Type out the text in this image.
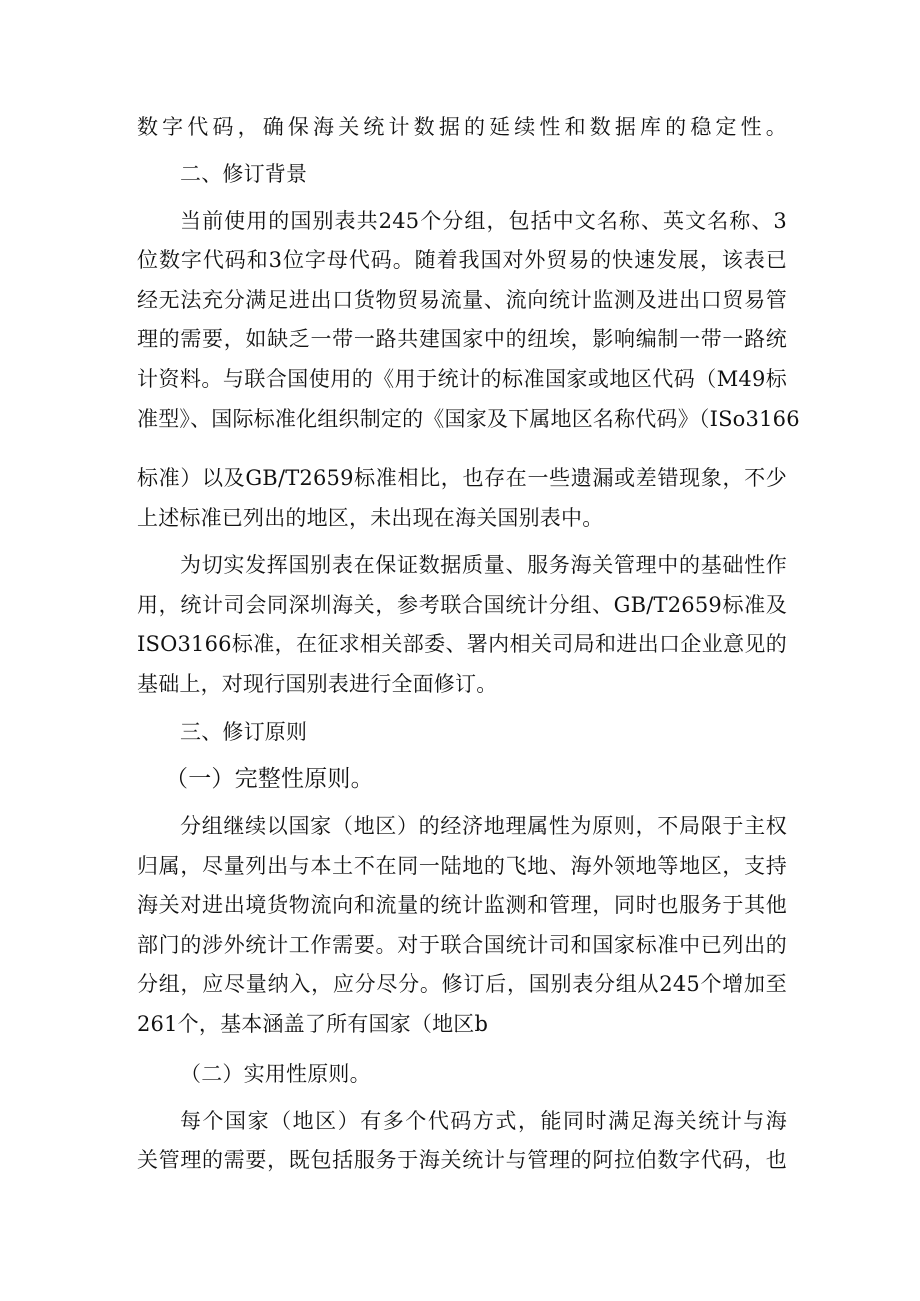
数字代码，确保海关统计数据的延续性和数据库的稳定性。
二、修订背景
当前使用的国别表共245个分组，包括中文名称、英文名称、3
位数字代码和3位字母代码。随着我国对外贸易的快速发展，该表已
经无法充分满足进出口货物贸易流量、流向统计监测及进出口贸易管
理的需要，如缺乏一带一路共建国家中的纽埃，影响编制一带一路统
计资料。与联合国使用的《用于统计的标准国家或地区代码（M49标
准型》、国际标准化组织制定的《国家及下属地区名称代码》（ISo3166
标准）以及GB/T2659标准相比，也存在一些遗漏或差错现象，不少
上述标准已列出的地区，未出现在海关国别表中。
为切实发挥国别表在保证数据质量、服务海关管理中的基础性作
用，统计司会同深圳海关，参考联合国统计分组、GB/T2659标准及
ISO3166标准，在征求相关部委、署内相关司局和进出口企业意见的
基础上，对现行国别表进行全面修订。
三、修订原则
（一）完整性原则。
分组继续以国家（地区）的经济地理属性为原则，不局限于主权
归属，尽量列出与本土不在同一陆地的飞地、海外领地等地区，支持
海关对进出境货物流向和流量的统计监测和管理，同时也服务于其他
部门的涉外统计工作需要。对于联合国统计司和国家标准中已列出的
分组，应尽量纳入，应分尽分。修订后，国别表分组从245个增加至
261个，基本涵盖了所有国家（地区b
（二）实用性原则。
每个国家（地区）有多个代码方式，能同时满足海关统计与海
关管理的需要，既包括服务于海关统计与管理的阿拉伯数字代码，也
